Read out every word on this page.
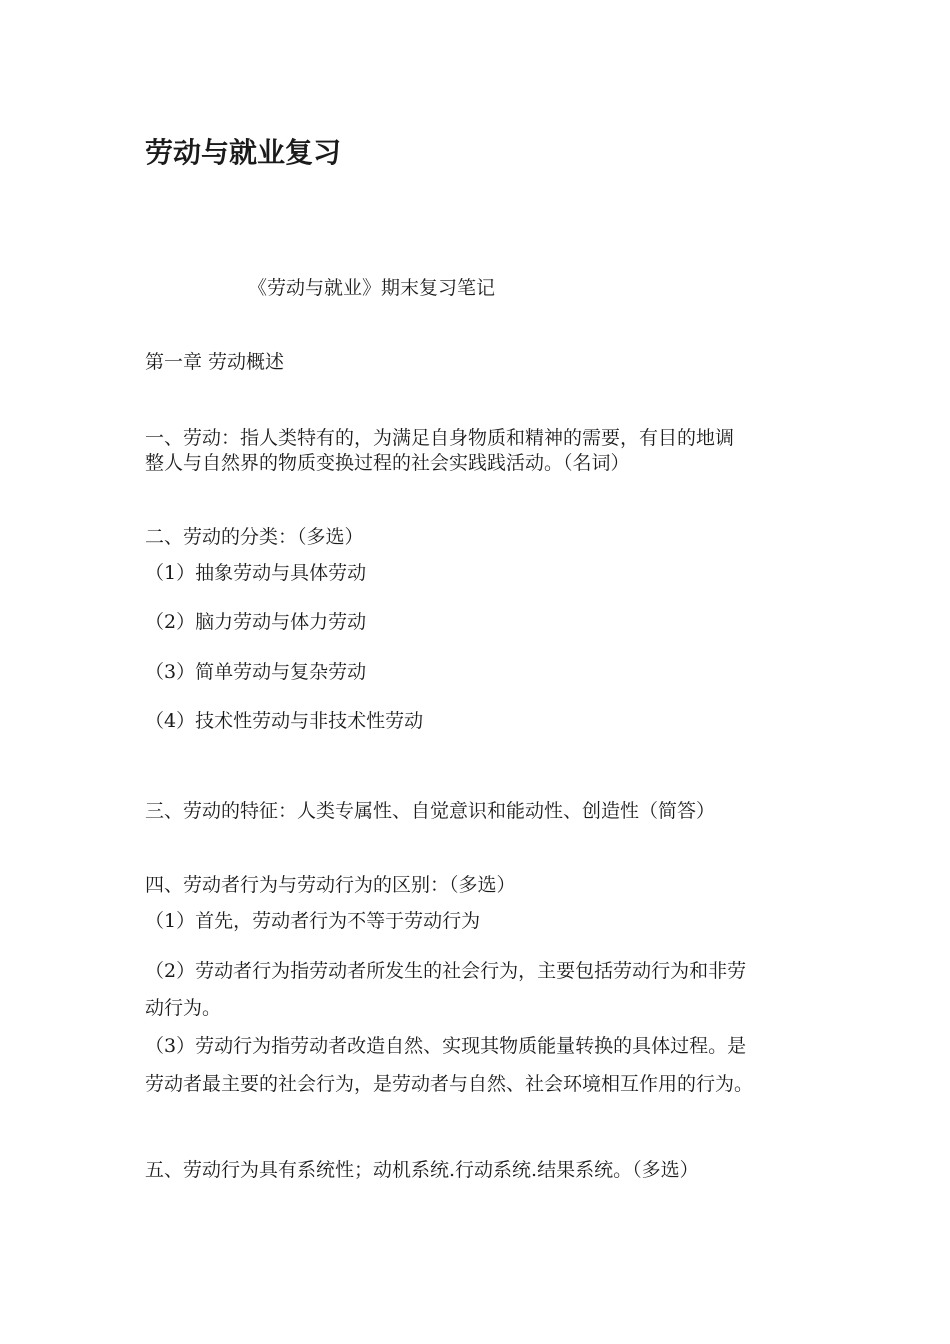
劳动与就业复习
《劳动与就业》期末复习笔记
第一章 劳动概述
一、劳动：指人类特有的，为满足自身物质和精神的需要，有目的地调
整人与自然界的物质变换过程的社会实践践活动。（名词）
二、劳动的分类：（多选）
（1）抽象劳动与具体劳动
（2）脑力劳动与体力劳动
（3）简单劳动与复杂劳动
（4）技术性劳动与非技术性劳动
三、劳动的特征：人类专属性、自觉意识和能动性、创造性（简答）
四、劳动者行为与劳动行为的区别：（多选）
（1）首先，劳动者行为不等于劳动行为
（2）劳动者行为指劳动者所发生的社会行为，主要包括劳动行为和非劳
动行为。
（3）劳动行为指劳动者改造自然、实现其物质能量转换的具体过程。是
劳动者最主要的社会行为，是劳动者与自然、社会环境相互作用的行为。
五、劳动行为具有系统性；动机系统.行动系统.结果系统。（多选）
